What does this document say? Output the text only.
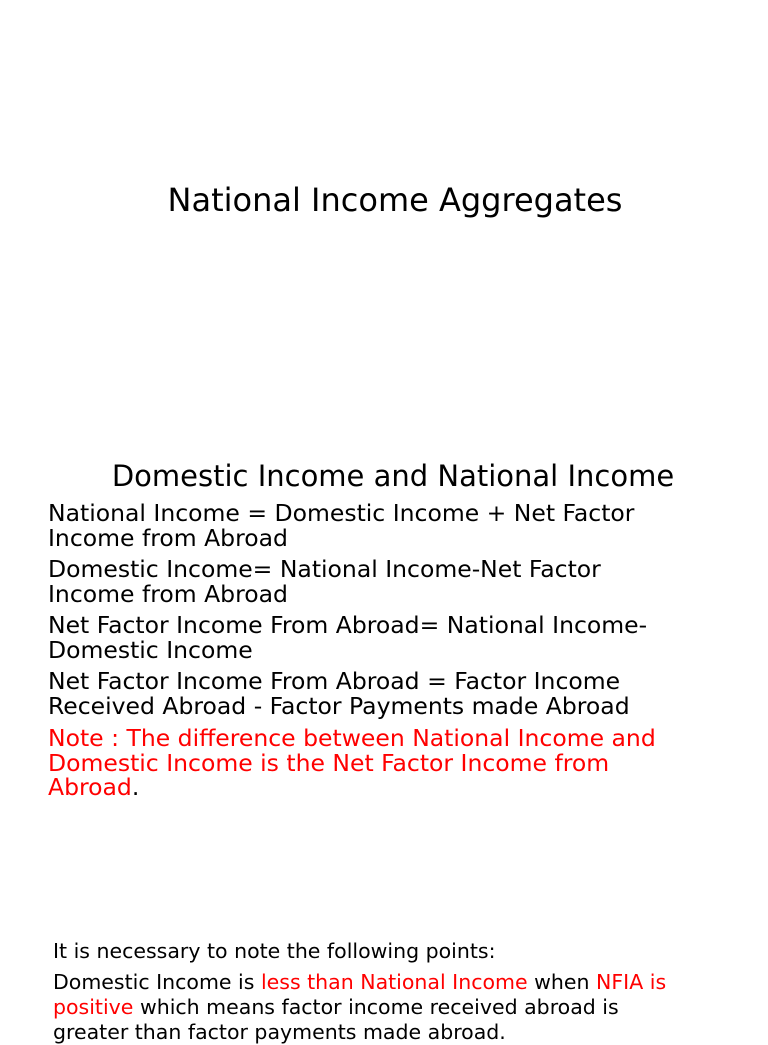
National Income Aggregates
Domestic Income and National Income

National Income = Domestic Income + Net Factor
Income from Abroad

Domestic Income= National Income-Net Factor
Income from Abroad

Net Factor Income From Abroad= National Income-
Domestic Income

Net Factor Income From Abroad = Factor Income
Received Abroad - Factor Payments made Abroad

Note : The difference between National Income and
Domestic Income is the Net Factor Income from
Abroad.

It is necessary to note the following points:

Domestic Income is less than National Income when NFIA is
positive which means factor income received abroad is
greater than factor payments made abroad.
